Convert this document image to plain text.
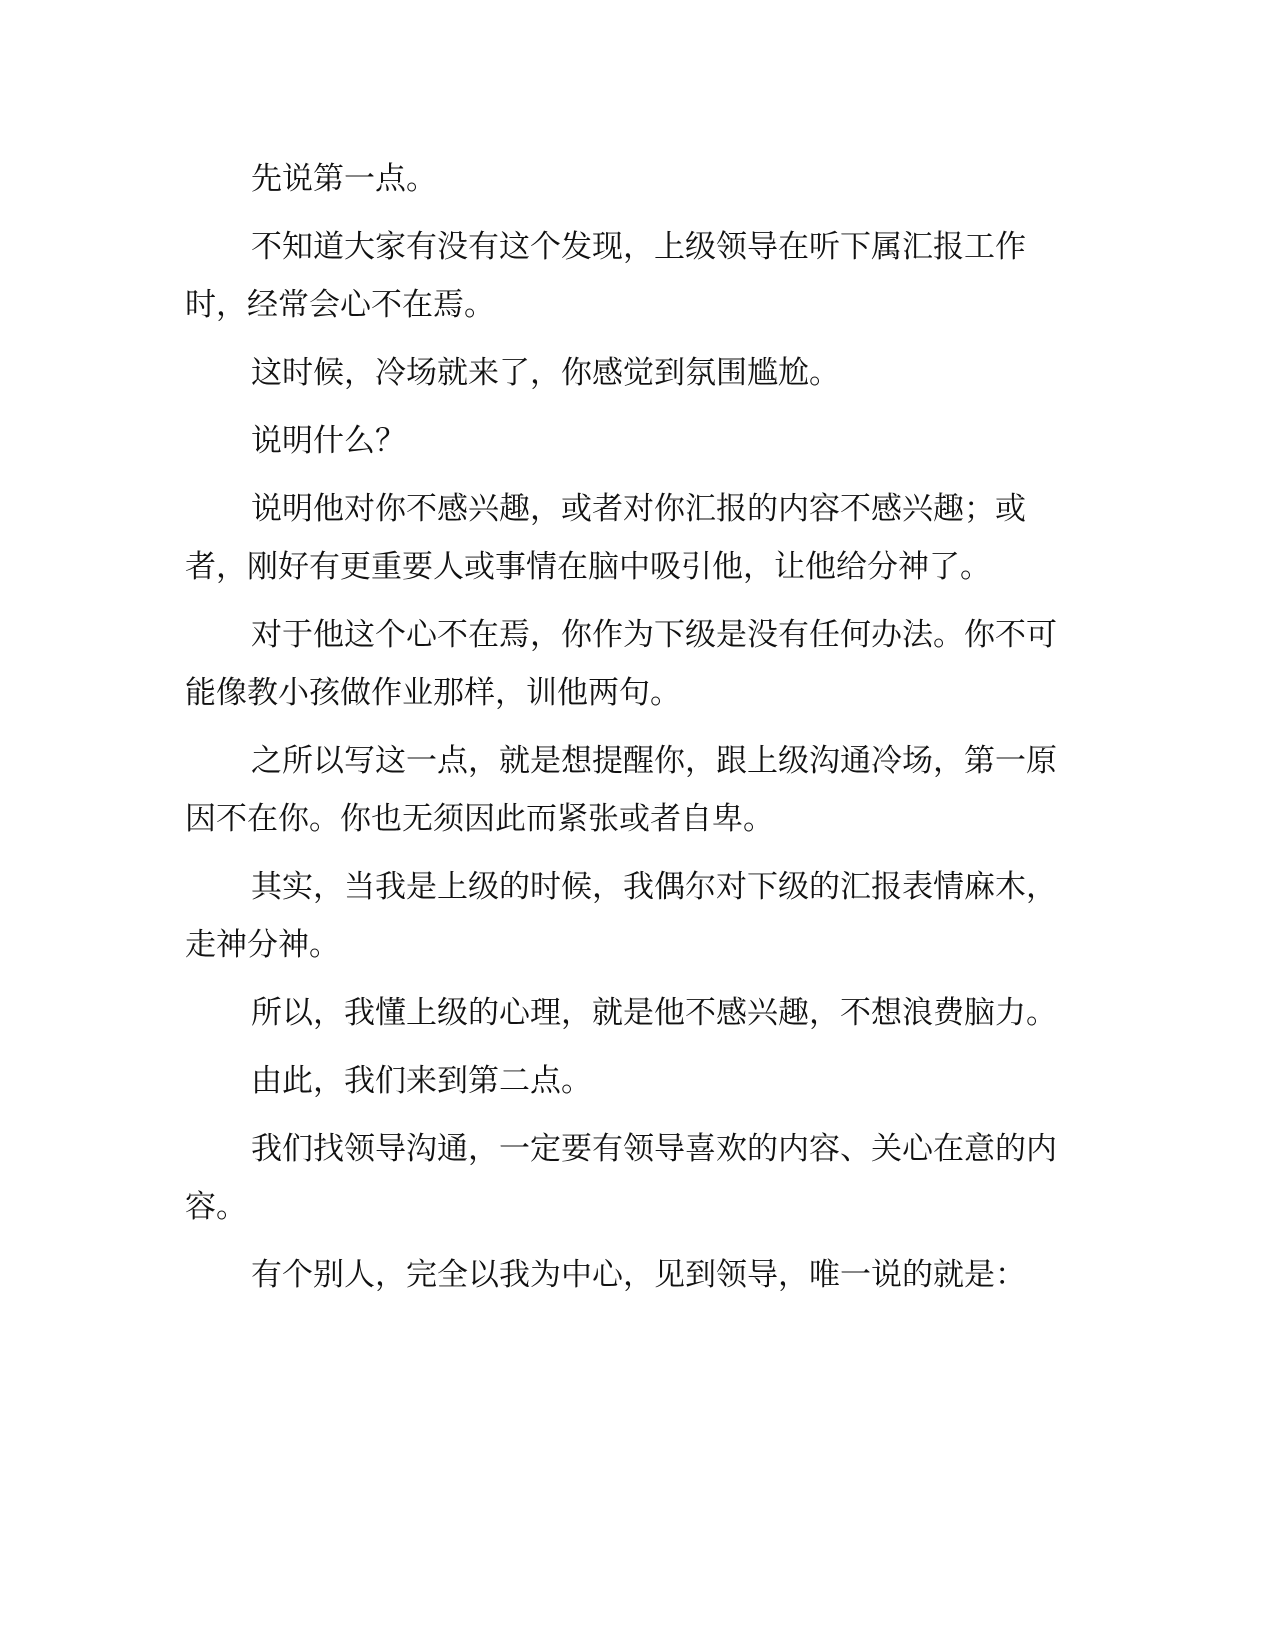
先说第一点。

不知道大家有没有这个发现，上级领导在听下属汇报工作时，经常会心不在焉。

这时候，冷场就来了，你感觉到氛围尴尬。

说明什么？

说明他对你不感兴趣，或者对你汇报的内容不感兴趣；或者，刚好有更重要人或事情在脑中吸引他，让他给分神了。

对于他这个心不在焉，你作为下级是没有任何办法。你不可能像教小孩做作业那样，训他两句。

之所以写这一点，就是想提醒你，跟上级沟通冷场，第一原因不在你。你也无须因此而紧张或者自卑。

其实，当我是上级的时候，我偶尔对下级的汇报表情麻木，走神分神。

所以，我懂上级的心理，就是他不感兴趣，不想浪费脑力。

由此，我们来到第二点。

我们找领导沟通，一定要有领导喜欢的内容、关心在意的内容。

有个别人，完全以我为中心，见到领导，唯一说的就是：
